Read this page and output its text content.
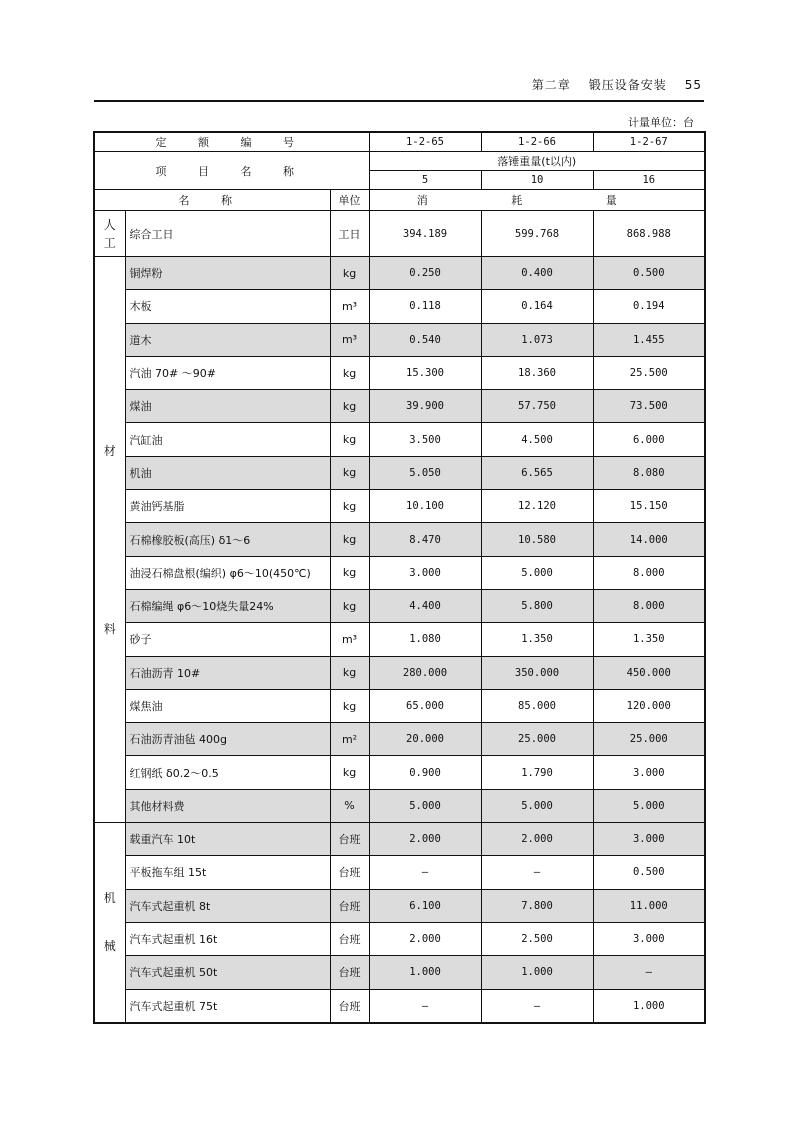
第二章 锻压设备安装 55
计量单位：台
定 额 编 号			1-2-65	1-2-66	1-2-67
项 目 名 称			落锤重量(t以内)		
			5	10	16
名 称		单位	消 耗 量		

人
工	综合工日	工日	394.189	599.768	868.988

材
料	铜焊粉	kg	0.250	0.400	0.500
	木板	m³	0.118	0.164	0.194
	道木	m³	0.540	1.073	1.455
	汽油 70# ～90#	kg	15.300	18.360	25.500
	煤油	kg	39.900	57.750	73.500
	汽缸油	kg	3.500	4.500	6.000
	机油	kg	5.050	6.565	8.080
	黄油钙基脂	kg	10.100	12.120	15.150
	石棉橡胶板(高压) δ1～6	kg	8.470	10.580	14.000
	油浸石棉盘根(编织) φ6～10(450℃)	kg	3.000	5.000	8.000
	石棉编绳 φ6～10烧失量24%	kg	4.400	5.800	8.000
	砂子	m³	1.080	1.350	1.350
	石油沥青 10#	kg	280.000	350.000	450.000
	煤焦油	kg	65.000	85.000	120.000
	石油沥青油毡 400g	m²	20.000	25.000	25.000
	红钢纸 δ0.2～0.5	kg	0.900	1.790	3.000
	其他材料费	%	5.000	5.000	5.000

机
械	载重汽车 10t	台班	2.000	2.000	3.000
	平板拖车组 15t	台班	—	—	0.500
	汽车式起重机 8t	台班	6.100	7.800	11.000
	汽车式起重机 16t	台班	2.000	2.500	3.000
	汽车式起重机 50t	台班	1.000	1.000	—
	汽车式起重机 75t	台班	—	—	1.000
